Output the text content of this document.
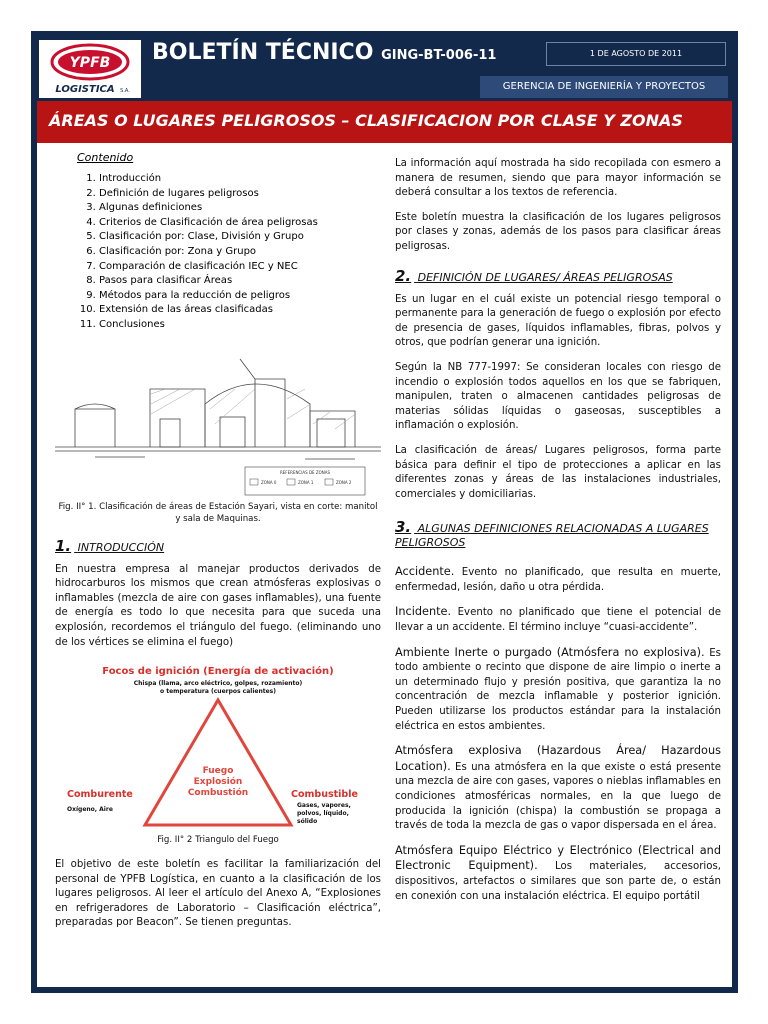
YPFB
LOGISTICA S.A.
BOLETÍN TÉCNICO GING-BT-006-11	1 DE AGOSTO DE 2011
GERENCIA DE INGENIERÍA Y PROYECTOS
ÁREAS O LUGARES PELIGROSOS – CLASIFICACION POR CLASE Y ZONAS
Contenido
1. Introducción
2. Definición de lugares peligrosos
3. Algunas definiciones
4. Criterios de Clasificación de área peligrosas
5. Clasificación por: Clase, División y Grupo
6. Clasificación por: Zona y Grupo
7. Comparación de clasificación IEC y NEC
8. Pasos para clasificar Áreas
9. Métodos para la reducción de peligros
10. Extensión de las áreas clasificadas
11. Conclusiones
REFERENCIAS DE ZONAS
ZONA 0	ZONA 1	ZONA 2
Fig. II° 1. Clasificación de áreas de Estación Sayari, vista en corte: manitol y sala de Maquinas.
1. INTRODUCCIÓN

En nuestra empresa al manejar productos derivados de hidrocarburos los mismos que crean atmósferas explosivas o inflamables (mezcla de aire con gases inflamables), una fuente de energía es todo lo que necesita para que suceda una explosión, recordemos el triángulo del fuego. (eliminando uno de los vértices se elimina el fuego)

Focos de ignición (Energía de activación)
Chispa (llama, arco eléctrico, golpes, rozamiento)
o temperatura (cuerpos calientes)
Fuego
Explosión
Combustión
Comburente
Oxígeno, Aire
Combustible
Gases, vapores,
polvos, líquido,
sólido
Fig. II° 2 Triangulo del Fuego

El objetivo de este boletín es facilitar la familiarización del personal de YPFB Logística, en cuanto a la clasificación de los lugares peligrosos. Al leer el artículo del Anexo A, “Explosiones en refrigeradores de Laboratorio – Clasificación eléctrica”, preparadas por Beacon”. Se tienen preguntas.

La información aquí mostrada ha sido recopilada con esmero a manera de resumen, siendo que para mayor información se deberá consultar a los textos de referencia.

Este boletín muestra la clasificación de los lugares peligrosos por clases y zonas, además de los pasos para clasificar áreas peligrosas.

2. DEFINICIÓN DE LUGARES/ ÁREAS PELIGROSAS

Es un lugar en el cuál existe un potencial riesgo temporal o permanente para la generación de fuego o explosión por efecto de presencia de gases, líquidos inflamables, fibras, polvos y otros, que podrían generar una ignición.

Según la NB 777-1997: Se consideran locales con riesgo de incendio o explosión todos aquellos en los que se fabriquen, manipulen, traten o almacenen cantidades peligrosas de materias sólidas líquidas o gaseosas, susceptibles a inflamación o explosión.

La clasificación de áreas/ Lugares peligrosos, forma parte básica para definir el tipo de protecciones a aplicar en las diferentes zonas y áreas de las instalaciones industriales, comerciales y domiciliarias.

3. ALGUNAS DEFINICIONES RELACIONADAS A LUGARES PELIGROSOS

Accidente. Evento no planificado, que resulta en muerte, enfermedad, lesión, daño u otra pérdida.

Incidente. Evento no planificado que tiene el potencial de llevar a un accidente. El término incluye “cuasi-accidente”.

Ambiente Inerte o purgado (Atmósfera no explosiva). Es todo ambiente o recinto que dispone de aire limpio o inerte a un determinado flujo y presión positiva, que garantiza la no concentración de mezcla inflamable y posterior ignición. Pueden utilizarse los productos estándar para la instalación eléctrica en estos ambientes.

Atmósfera explosiva (Hazardous Área/ Hazardous Location). Es una atmósfera en la que existe o está presente una mezcla de aire con gases, vapores o nieblas inflamables en condiciones atmosféricas normales, en la que luego de producida la ignición (chispa) la combustión se propaga a través de toda la mezcla de gas o vapor dispersada en el área.

Atmósfera Equipo Eléctrico y Electrónico (Electrical and Electronic Equipment). Los materiales, accesorios, dispositivos, artefactos o similares que son parte de, o están en conexión con una instalación eléctrica. El equipo portátil
